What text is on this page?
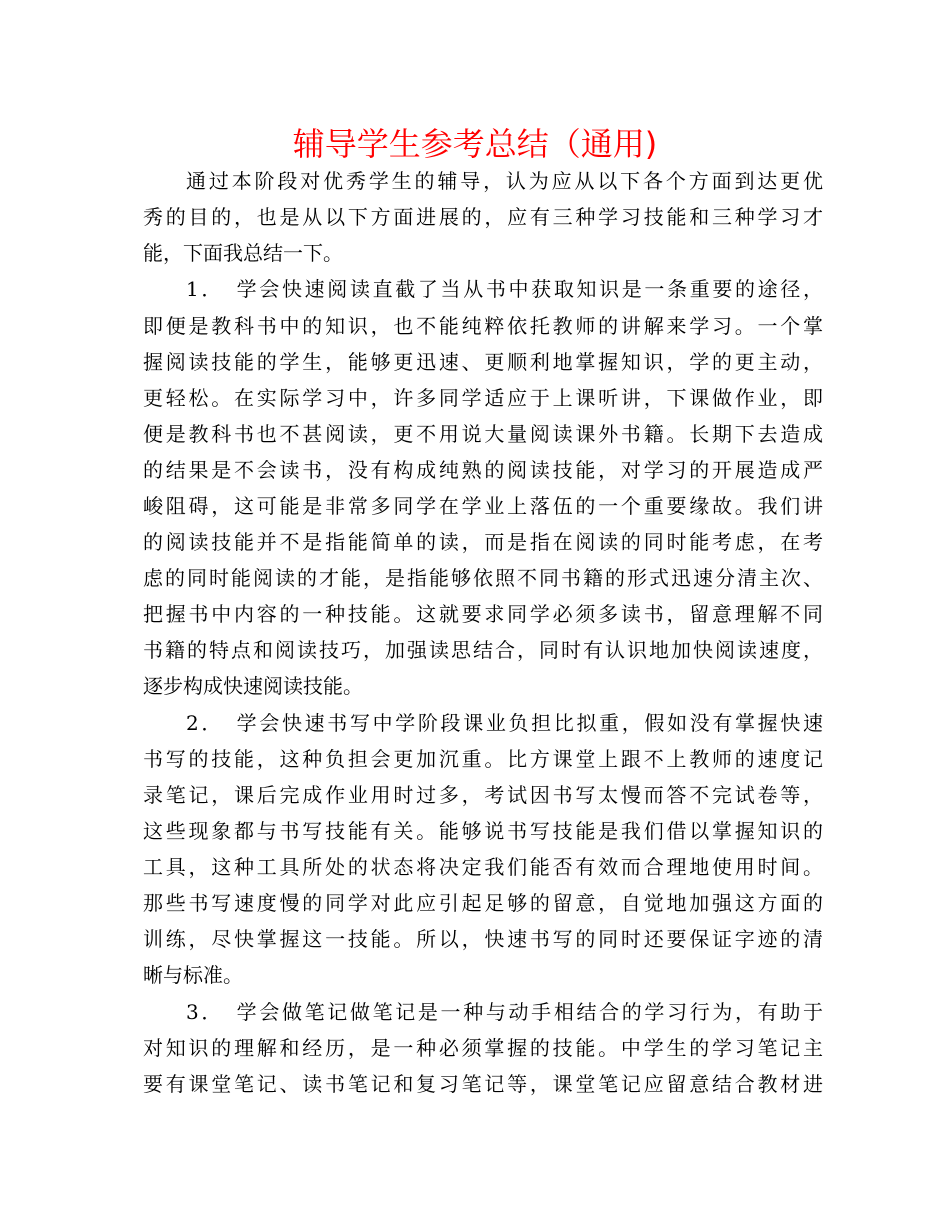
辅导学生参考总结（通用)

通过本阶段对优秀学生的辅导，认为应从以下各个方面到达更优

秀的目的，也是从以下方面进展的，应有三种学习技能和三种学习才

能，下面我总结一下。

1．　学会快速阅读直截了当从书中获取知识是一条重要的途径，

即便是教科书中的知识，也不能纯粹依托教师的讲解来学习。一个掌

握阅读技能的学生，能够更迅速、更顺利地掌握知识，学的更主动，

更轻松。在实际学习中，许多同学适应于上课听讲，下课做作业，即

便是教科书也不甚阅读，更不用说大量阅读课外书籍。长期下去造成

的结果是不会读书，没有构成纯熟的阅读技能，对学习的开展造成严

峻阻碍，这可能是非常多同学在学业上落伍的一个重要缘故。我们讲

的阅读技能并不是指能简单的读，而是指在阅读的同时能考虑，在考

虑的同时能阅读的才能，是指能够依照不同书籍的形式迅速分清主次、

把握书中内容的一种技能。这就要求同学必须多读书，留意理解不同

书籍的特点和阅读技巧，加强读思结合，同时有认识地加快阅读速度，

逐步构成快速阅读技能。

2．　学会快速书写中学阶段课业负担比拟重，假如没有掌握快速

书写的技能，这种负担会更加沉重。比方课堂上跟不上教师的速度记

录笔记，课后完成作业用时过多，考试因书写太慢而答不完试卷等，

这些现象都与书写技能有关。能够说书写技能是我们借以掌握知识的

工具，这种工具所处的状态将决定我们能否有效而合理地使用时间。

那些书写速度慢的同学对此应引起足够的留意，自觉地加强这方面的

训练，尽快掌握这一技能。所以，快速书写的同时还要保证字迹的清

晰与标准。

3．　学会做笔记做笔记是一种与动手相结合的学习行为，有助于

对知识的理解和经历，是一种必须掌握的技能。中学生的学习笔记主

要有课堂笔记、读书笔记和复习笔记等，课堂笔记应留意结合教材进
